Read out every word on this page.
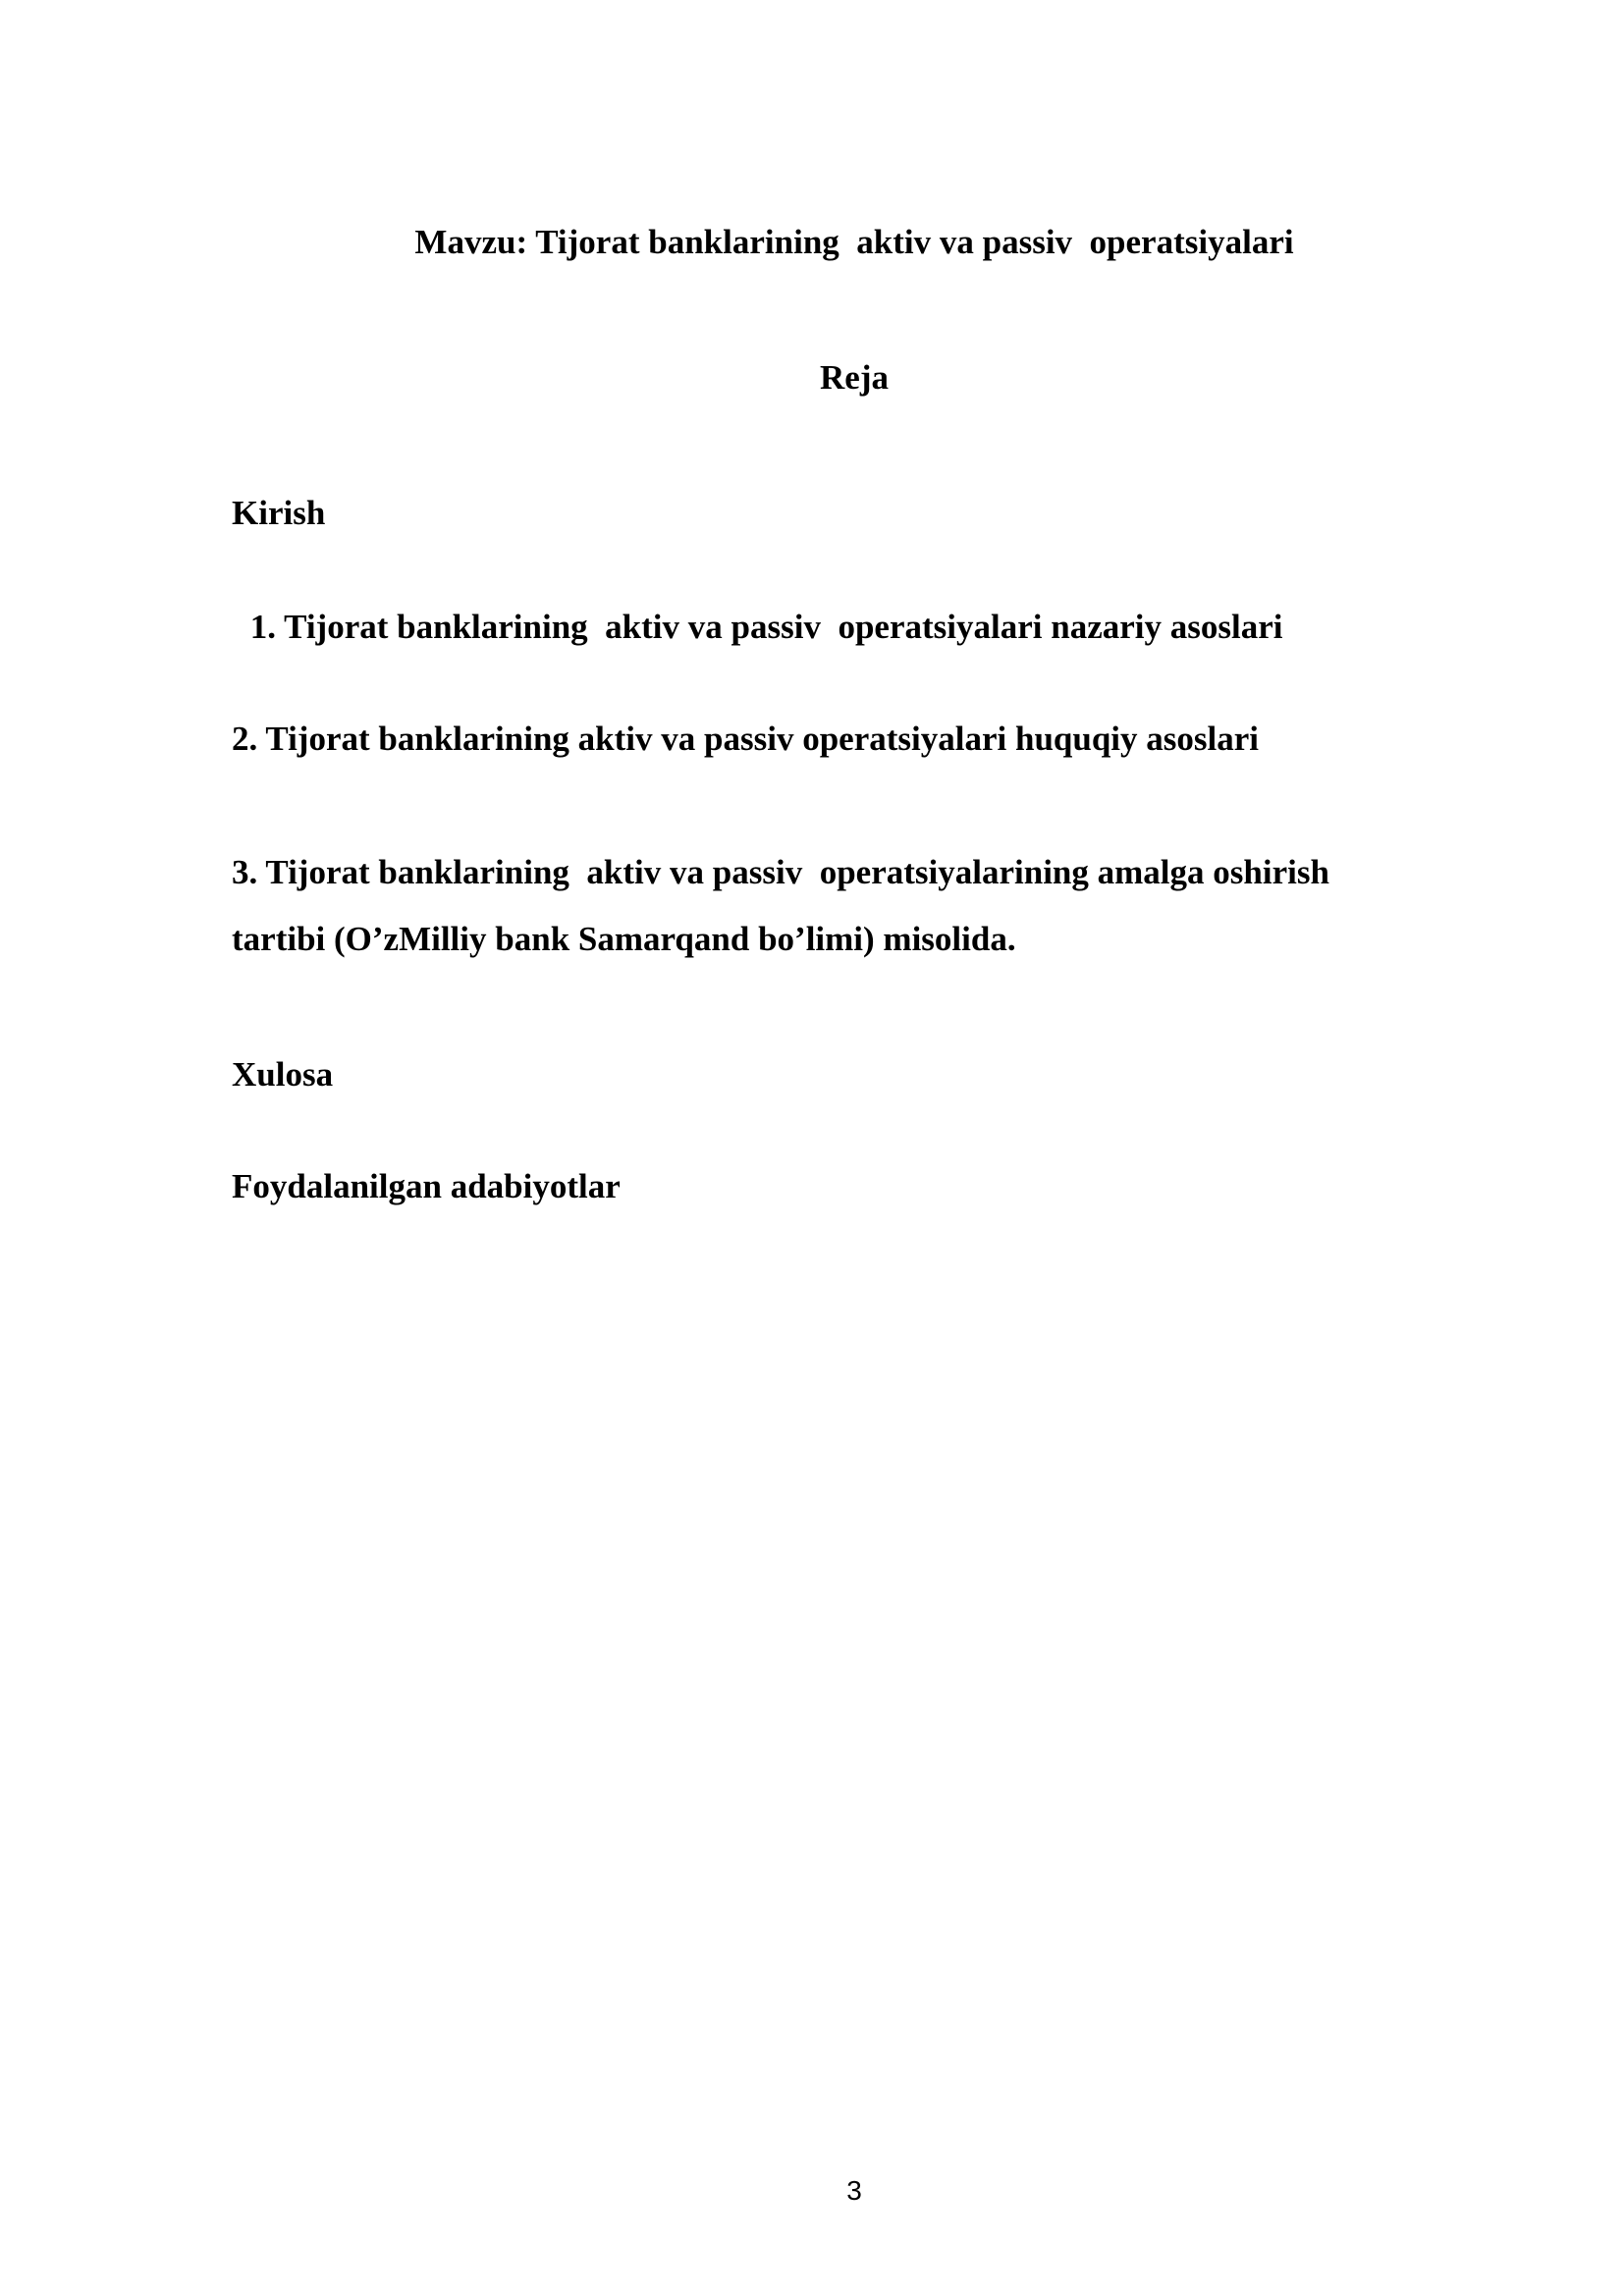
Mavzu: Tijorat banklarining  aktiv va passiv  operatsiyalari

Reja

Kirish

1. Tijorat banklarining  aktiv va passiv  operatsiyalari nazariy asoslari

2. Tijorat banklarining aktiv va passiv operatsiyalari huquqiy asoslari

3. Tijorat banklarining  aktiv va passiv  operatsiyalarining amalga oshirish

tartibi (O’zMilliy bank Samarqand bo’limi) misolida.

Xulosa

Foydalanilgan adabiyotlar

3
